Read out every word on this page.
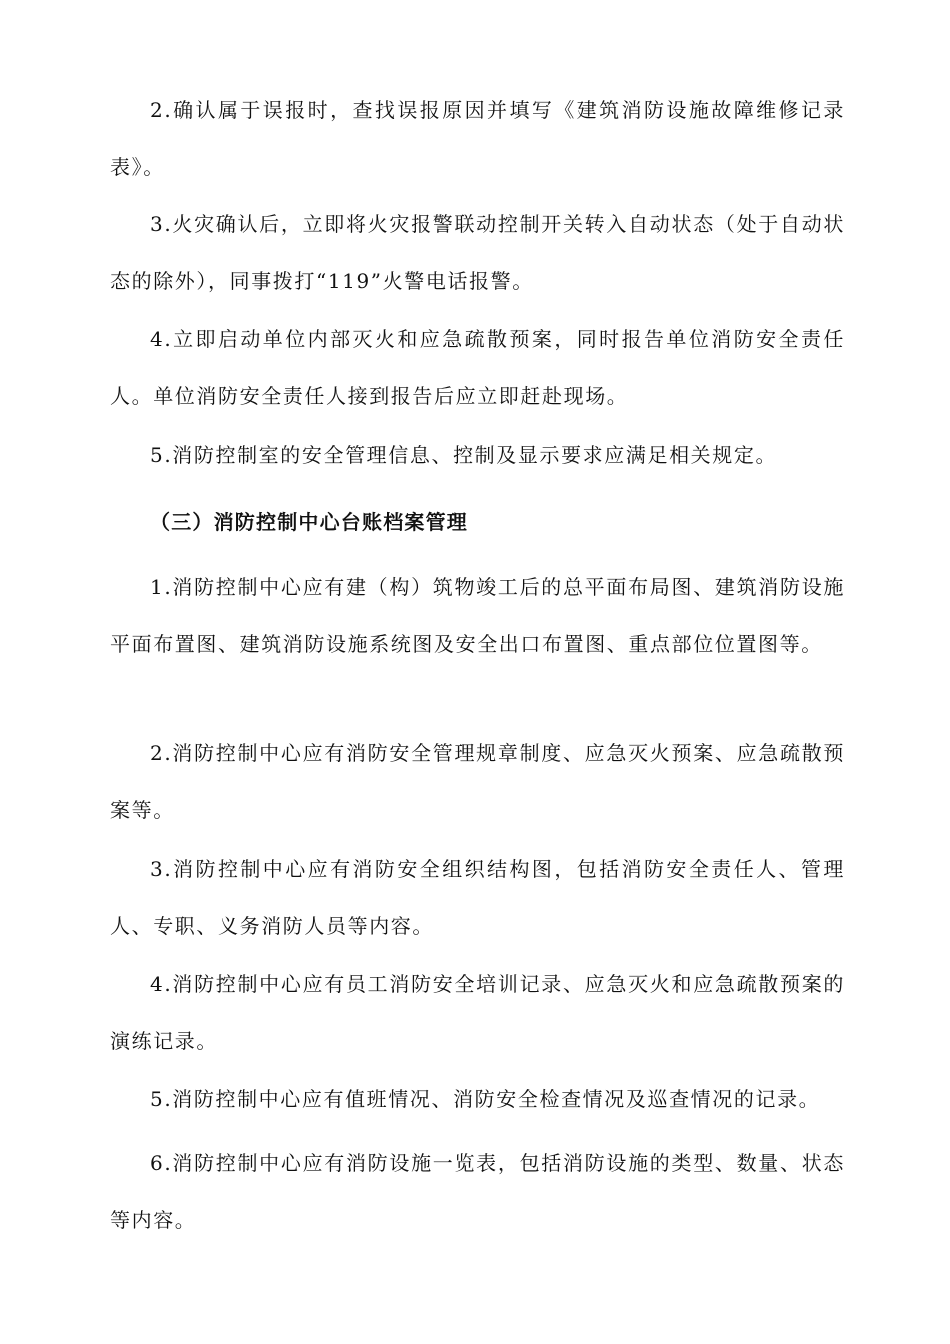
2.确认属于误报时，查找误报原因并填写《建筑消防设施故障维修记录表》。

3.火灾确认后，立即将火灾报警联动控制开关转入自动状态（处于自动状态的除外），同事拨打“119”火警电话报警。

4.立即启动单位内部灭火和应急疏散预案，同时报告单位消防安全责任人。单位消防安全责任人接到报告后应立即赶赴现场。

5.消防控制室的安全管理信息、控制及显示要求应满足相关规定。

（三）消防控制中心台账档案管理

1.消防控制中心应有建（构）筑物竣工后的总平面布局图、建筑消防设施平面布置图、建筑消防设施系统图及安全出口布置图、重点部位位置图等。

2.消防控制中心应有消防安全管理规章制度、应急灭火预案、应急疏散预案等。

3.消防控制中心应有消防安全组织结构图，包括消防安全责任人、管理人、专职、义务消防人员等内容。

4.消防控制中心应有员工消防安全培训记录、应急灭火和应急疏散预案的演练记录。

5.消防控制中心应有值班情况、消防安全检查情况及巡查情况的记录。

6.消防控制中心应有消防设施一览表，包括消防设施的类型、数量、状态等内容。
